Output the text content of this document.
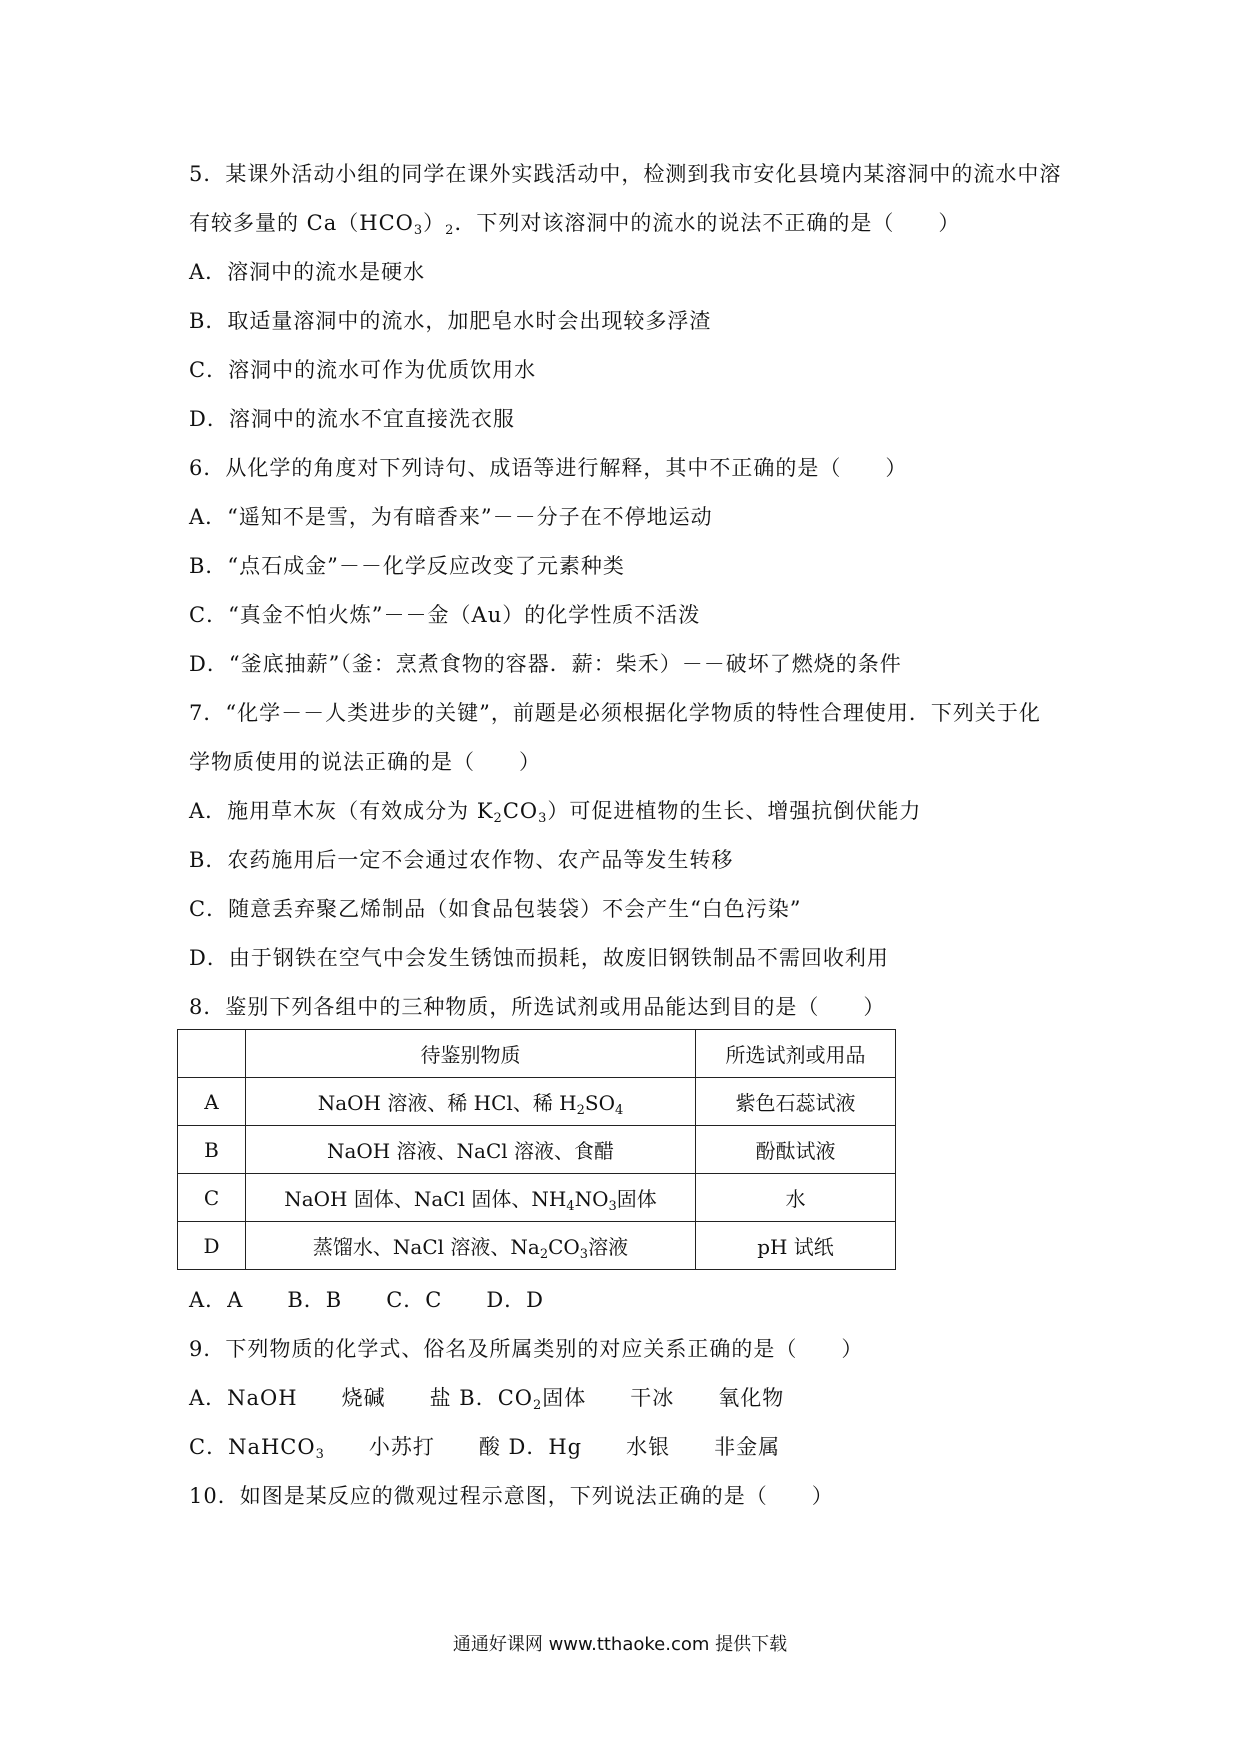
5．某课外活动小组的同学在课外实践活动中，检测到我市安化县境内某溶洞中的流水中溶
有较多量的 $Ca(HCO_3)_2$．下列对该溶洞中的流水的说法不正确的是（　　）
A．溶洞中的流水是硬水
B．取适量溶洞中的流水，加肥皂水时会出现较多浮渣
C．溶洞中的流水可作为优质饮用水
D．溶洞中的流水不宜直接洗衣服
6．从化学的角度对下列诗句、成语等进行解释，其中不正确的是（　　）
A．“遥知不是雪，为有暗香来”－－分子在不停地运动
B．“点石成金”－－化学反应改变了元素种类
C．“真金不怕火炼”－－金（Au）的化学性质不活泼
D．“釜底抽薪”（釜：烹煮食物的容器．薪：柴禾）－－破坏了燃烧的条件
7．“化学－－人类进步的关键”，前题是必须根据化学物质的特性合理使用．下列关于化
学物质使用的说法正确的是（　　）
A．施用草木灰（有效成分为 $K_2CO_3$）可促进植物的生长、增强抗倒伏能力
B．农药施用后一定不会通过农作物、农产品等发生转移
C．随意丢弃聚乙烯制品（如食品包装袋）不会产生“白色污染”
D．由于钢铁在空气中会发生锈蚀而损耗，故废旧钢铁制品不需回收利用
8．鉴别下列各组中的三种物质，所选试剂或用品能达到目的是（　　）
	待鉴别物质	所选试剂或用品
A	NaOH 溶液、稀 HCl、稀 $H_2SO_4$	紫色石蕊试液
B	NaOH 溶液、NaCl 溶液、食醋	酚酞试液
C	NaOH 固体、NaCl 固体、$NH_4NO_3$固体	水
D	蒸馏水、NaCl 溶液、$Na_2CO_3$溶液	pH 试纸
A．A　　B．B　　C．C　　D．D
9．下列物质的化学式、俗名及所属类别的对应关系正确的是（　　）
A．NaOH　　烧碱　　盐 B．$CO_2$固体　　干冰　　氧化物
C．NaHCO$_3$　　小苏打　　酸 D．Hg　　水银　　非金属
10．如图是某反应的微观过程示意图，下列说法正确的是（　　）
通通好课网 www.tthaoke.com 提供下载
